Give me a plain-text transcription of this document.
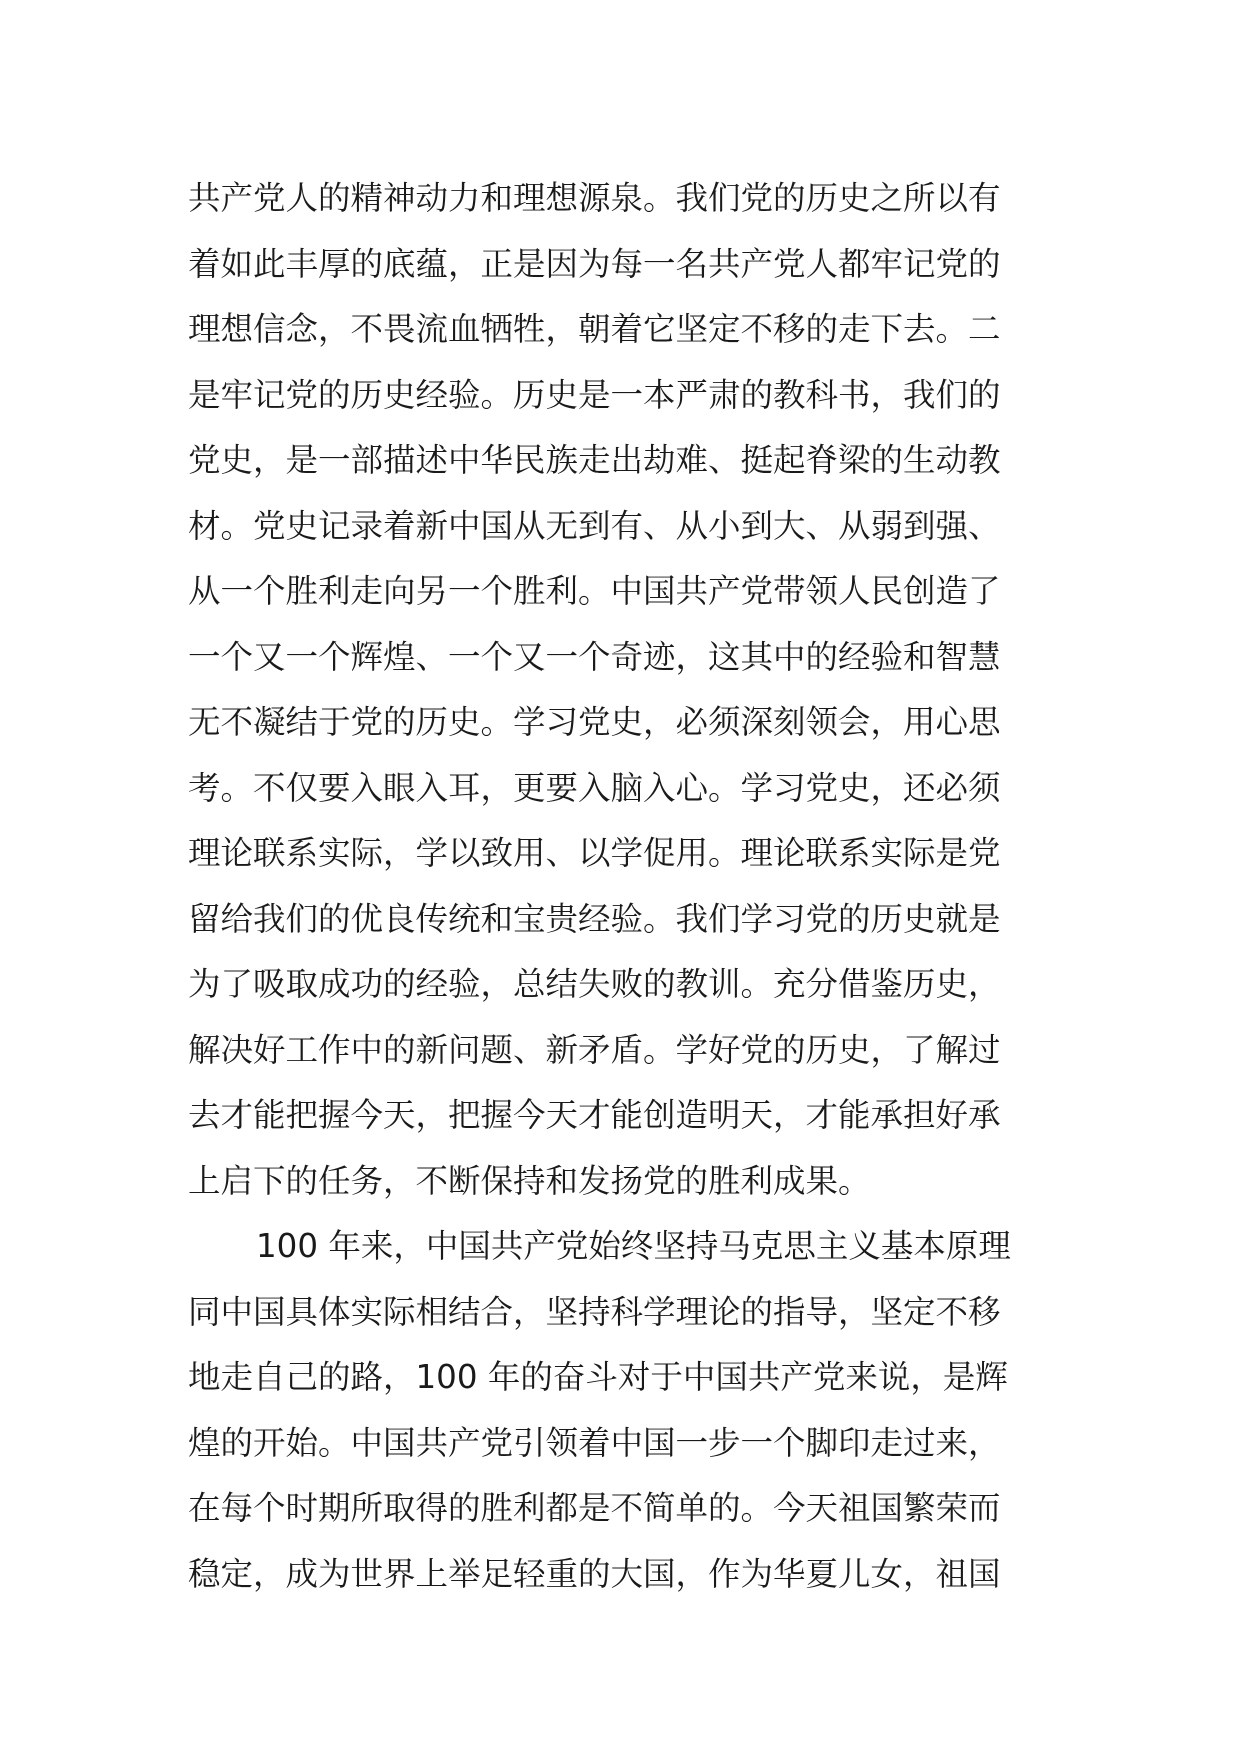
共产党人的精神动力和理想源泉。我们党的历史之所以有
着如此丰厚的底蕴，正是因为每一名共产党人都牢记党的
理想信念，不畏流血牺牲，朝着它坚定不移的走下去。二
是牢记党的历史经验。历史是一本严肃的教科书，我们的
党史，是一部描述中华民族走出劫难、挺起脊梁的生动教
材。党史记录着新中国从无到有、从小到大、从弱到强、
从一个胜利走向另一个胜利。中国共产党带领人民创造了
一个又一个辉煌、一个又一个奇迹，这其中的经验和智慧
无不凝结于党的历史。学习党史，必须深刻领会，用心思
考。不仅要入眼入耳，更要入脑入心。学习党史，还必须
理论联系实际，学以致用、以学促用。理论联系实际是党
留给我们的优良传统和宝贵经验。我们学习党的历史就是
为了吸取成功的经验，总结失败的教训。充分借鉴历史，
解决好工作中的新问题、新矛盾。学好党的历史，了解过
去才能把握今天，把握今天才能创造明天，才能承担好承
上启下的任务，不断保持和发扬党的胜利成果。
100 年来，中国共产党始终坚持马克思主义基本原理
同中国具体实际相结合，坚持科学理论的指导，坚定不移
地走自己的路，100 年的奋斗对于中国共产党来说，是辉
煌的开始。中国共产党引领着中国一步一个脚印走过来，
在每个时期所取得的胜利都是不简单的。今天祖国繁荣而
稳定，成为世界上举足轻重的大国，作为华夏儿女，祖国
